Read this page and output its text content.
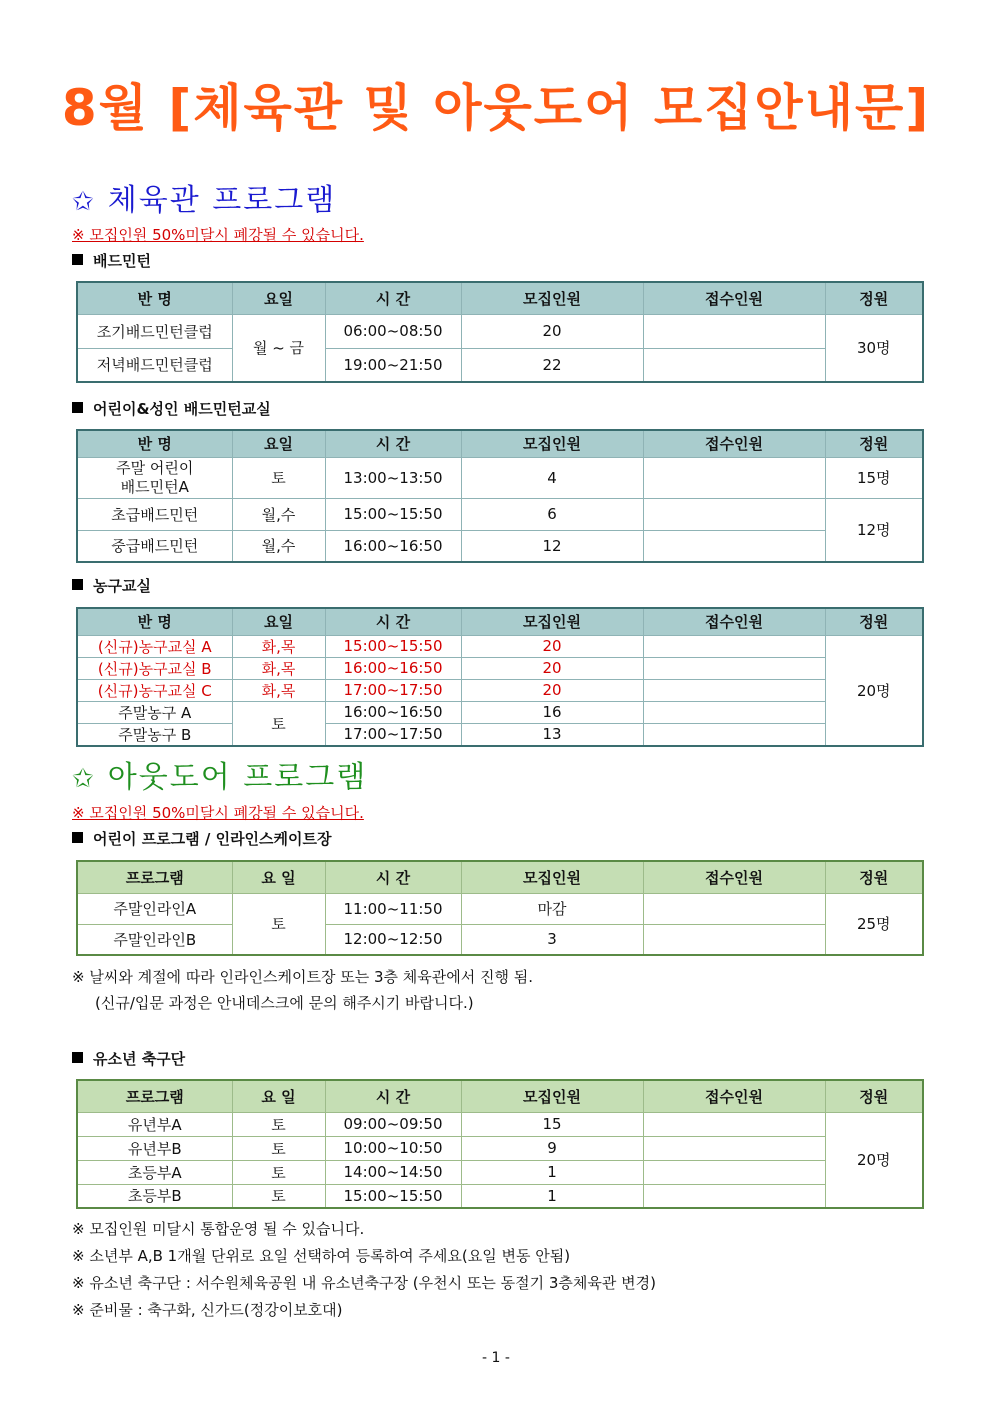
8월 [체육관 및 아웃도어 모집안내문]
✩ 체육관 프로그램
※ 모집인원 50%미달시 폐강될 수 있습니다.
배드민턴
반 명	요일	시 간	모집인원	접수인원	정원
조기배드민턴클럽	월 ~ 금	06:00~08:50	20		30명
저녁배드민턴클럽		19:00~21:50	22		
어린이&성인 배드민턴교실
반 명	요일	시 간	모집인원	접수인원	정원
주말 어린이
배드민턴A	토	13:00~13:50	4		15명
초급배드민턴	월,수	15:00~15:50	6		12명
중급배드민턴	월,수	16:00~16:50	12		
농구교실
반 명	요일	시 간	모집인원	접수인원	정원
(신규)농구교실 A	화,목	15:00~15:50	20		20명
(신규)농구교실 B	화,목	16:00~16:50	20		
(신규)농구교실 C	화,목	17:00~17:50	20		
주말농구 A	토	16:00~16:50	16		
주말농구 B		17:00~17:50	13		
✩ 아웃도어 프로그램
※ 모집인원 50%미달시 폐강될 수 있습니다.
어린이 프로그램 / 인라인스케이트장
프로그램	요 일	시 간	모집인원	접수인원	정원
주말인라인A	토	11:00~11:50	마감		25명
주말인라인B		12:00~12:50	3		
※ 날씨와 계절에 따라 인라인스케이트장 또는 3층 체육관에서 진행 됨.
(신규/입문 과정은 안내데스크에 문의 해주시기 바랍니다.)
유소년 축구단
프로그램	요 일	시 간	모집인원	접수인원	정원
유년부A	토	09:00~09:50	15		20명
유년부B	토	10:00~10:50	9		
초등부A	토	14:00~14:50	1		
초등부B	토	15:00~15:50	1		
※ 모집인원 미달시 통합운영 될 수 있습니다.
※ 소년부 A,B 1개월 단위로 요일 선택하여 등록하여 주세요(요일 변동 안됨)
※ 유소년 축구단 : 서수원체육공원 내 유소년축구장 (우천시 또는 동절기 3층체육관 변경)
※ 준비물 : 축구화, 신가드(정강이보호대)
- 1 -
